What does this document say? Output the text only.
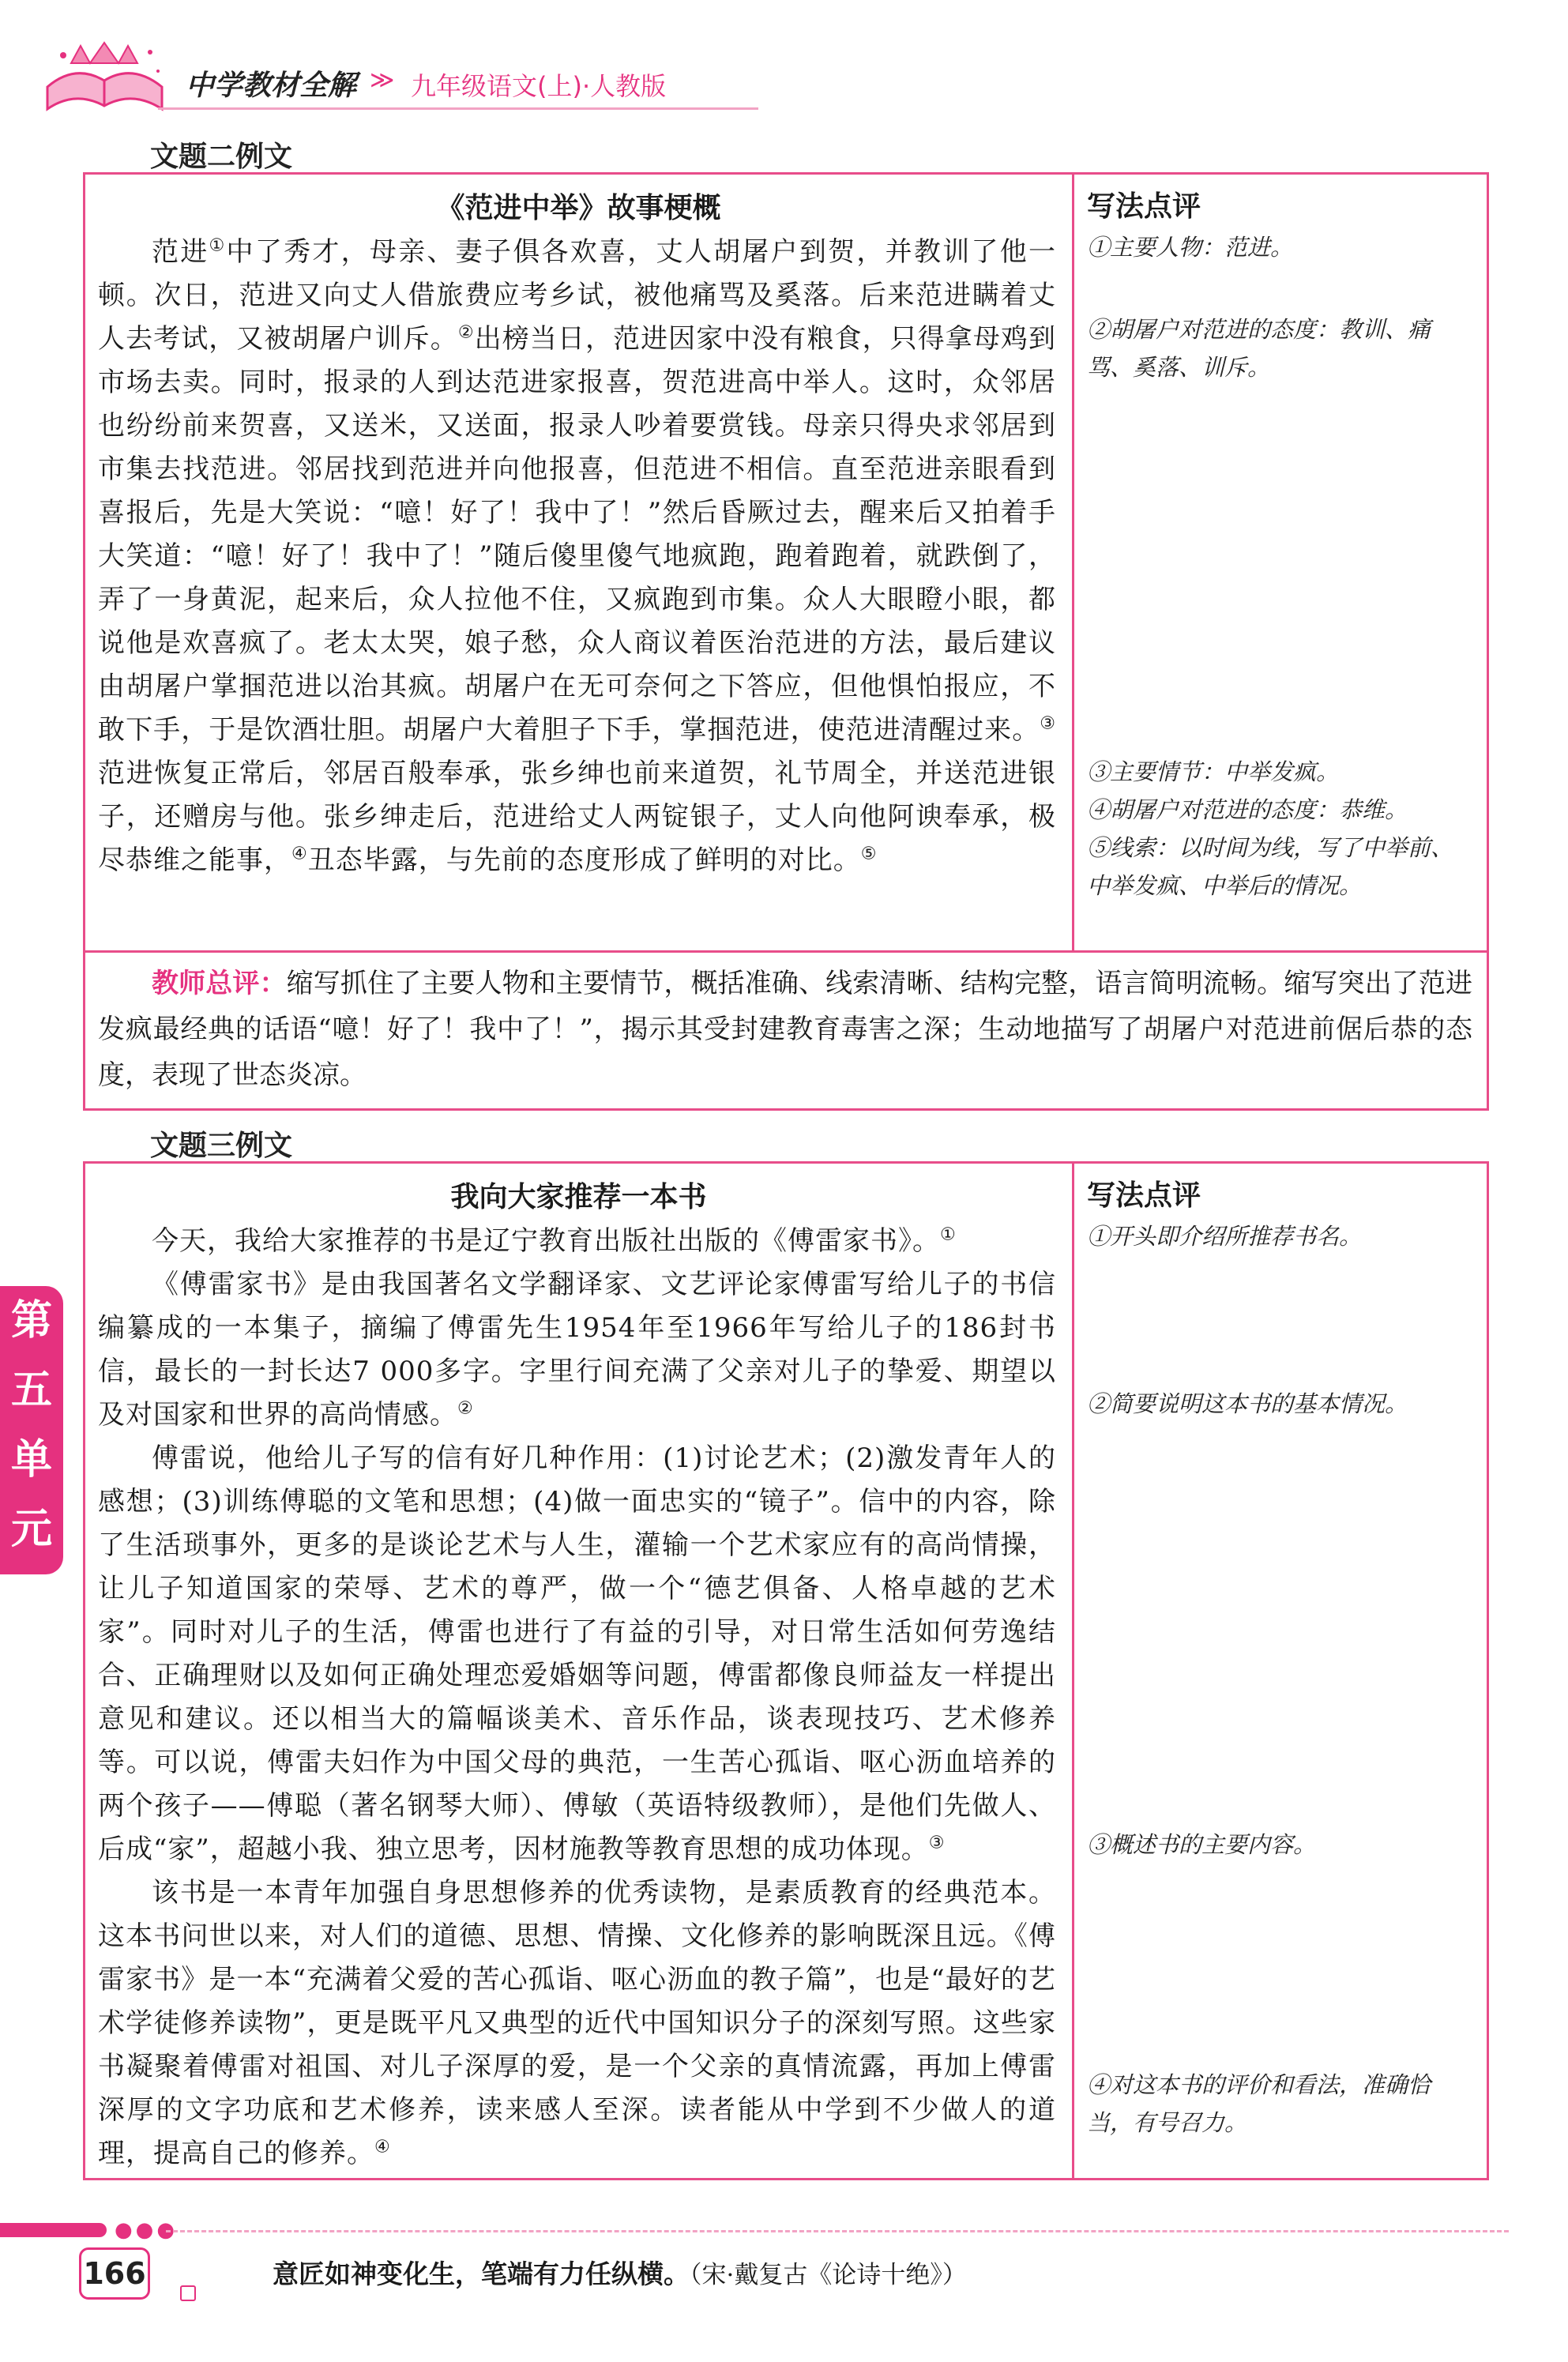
中学教材全解 ≫ 九年级语文(上)·人教版
文题二例文
《范进中举》故事梗概

范进①中了秀才，母亲、妻子俱各欢喜，丈人胡屠户到贺，并教训了他一顿。次日，范进又向丈人借旅费应考乡试，被他痛骂及奚落。后来范进瞒着丈人去考试，又被胡屠户训斥。②出榜当日，范进因家中没有粮食，只得拿母鸡到市场去卖。同时，报录的人到达范进家报喜，贺范进高中举人。这时，众邻居也纷纷前来贺喜，又送米，又送面，报录人吵着要赏钱。母亲只得央求邻居到市集去找范进。邻居找到范进并向他报喜，但范进不相信。直至范进亲眼看到喜报后，先是大笑说：“噫！好了！我中了！”然后昏厥过去，醒来后又拍着手大笑道：“噫！好了！我中了！”随后傻里傻气地疯跑，跑着跑着，就跌倒了，弄了一身黄泥，起来后，众人拉他不住，又疯跑到市集。众人大眼瞪小眼，都说他是欢喜疯了。老太太哭，娘子愁，众人商议着医治范进的方法，最后建议由胡屠户掌掴范进以治其疯。胡屠户在无可奈何之下答应，但他惧怕报应，不敢下手，于是饮酒壮胆。胡屠户大着胆子下手，掌掴范进，使范进清醒过来。③范进恢复正常后，邻居百般奉承，张乡绅也前来道贺，礼节周全，并送范进银子，还赠房与他。张乡绅走后，范进给丈人两锭银子，丈人向他阿谀奉承，极尽恭维之能事，④丑态毕露，与先前的态度形成了鲜明的对比。⑤

写法点评
①主要人物：范进。
②胡屠户对范进的态度：教训、痛骂、奚落、训斥。
③主要情节：中举发疯。
④胡屠户对范进的态度：恭维。
⑤线索：以时间为线，写了中举前、中举发疯、中举后的情况。
教师总评：缩写抓住了主要人物和主要情节，概括准确、线索清晰、结构完整，语言简明流畅。缩写突出了范进发疯最经典的话语“噫！好了！我中了！”，揭示其受封建教育毒害之深；生动地描写了胡屠户对范进前倨后恭的态度，表现了世态炎凉。
文题三例文
我向大家推荐一本书

今天，我给大家推荐的书是辽宁教育出版社出版的《傅雷家书》。①

《傅雷家书》是由我国著名文学翻译家、文艺评论家傅雷写给儿子的书信编纂成的一本集子，摘编了傅雷先生1954年至1966年写给儿子的186封书信，最长的一封长达7 000多字。字里行间充满了父亲对儿子的挚爱、期望以及对国家和世界的高尚情感。②

傅雷说，他给儿子写的信有好几种作用：(1)讨论艺术；(2)激发青年人的感想；(3)训练傅聪的文笔和思想；(4)做一面忠实的“镜子”。信中的内容，除了生活琐事外，更多的是谈论艺术与人生，灌输一个艺术家应有的高尚情操，让儿子知道国家的荣辱、艺术的尊严，做一个“德艺俱备、人格卓越的艺术家”。同时对儿子的生活，傅雷也进行了有益的引导，对日常生活如何劳逸结合、正确理财以及如何正确处理恋爱婚姻等问题，傅雷都像良师益友一样提出意见和建议。还以相当大的篇幅谈美术、音乐作品，谈表现技巧、艺术修养等。可以说，傅雷夫妇作为中国父母的典范，一生苦心孤诣、呕心沥血培养的两个孩子——傅聪（著名钢琴大师）、傅敏（英语特级教师），是他们先做人、后成“家”，超越小我、独立思考，因材施教等教育思想的成功体现。③

该书是一本青年加强自身思想修养的优秀读物，是素质教育的经典范本。这本书问世以来，对人们的道德、思想、情操、文化修养的影响既深且远。《傅雷家书》是一本“充满着父爱的苦心孤诣、呕心沥血的教子篇”，也是“最好的艺术学徒修养读物”，更是既平凡又典型的近代中国知识分子的深刻写照。这些家书凝聚着傅雷对祖国、对儿子深厚的爱，是一个父亲的真情流露，再加上傅雷深厚的文字功底和艺术修养，读来感人至深。读者能从中学到不少做人的道理，提高自己的修养。④

写法点评
①开头即介绍所推荐书名。
②简要说明这本书的基本情况。
③概述书的主要内容。
④对这本书的评价和看法，准确恰当，有号召力。
第
五
单
元
●●●
166	意匠如神变化生，笔端有力任纵横。（宋·戴复古《论诗十绝》）
